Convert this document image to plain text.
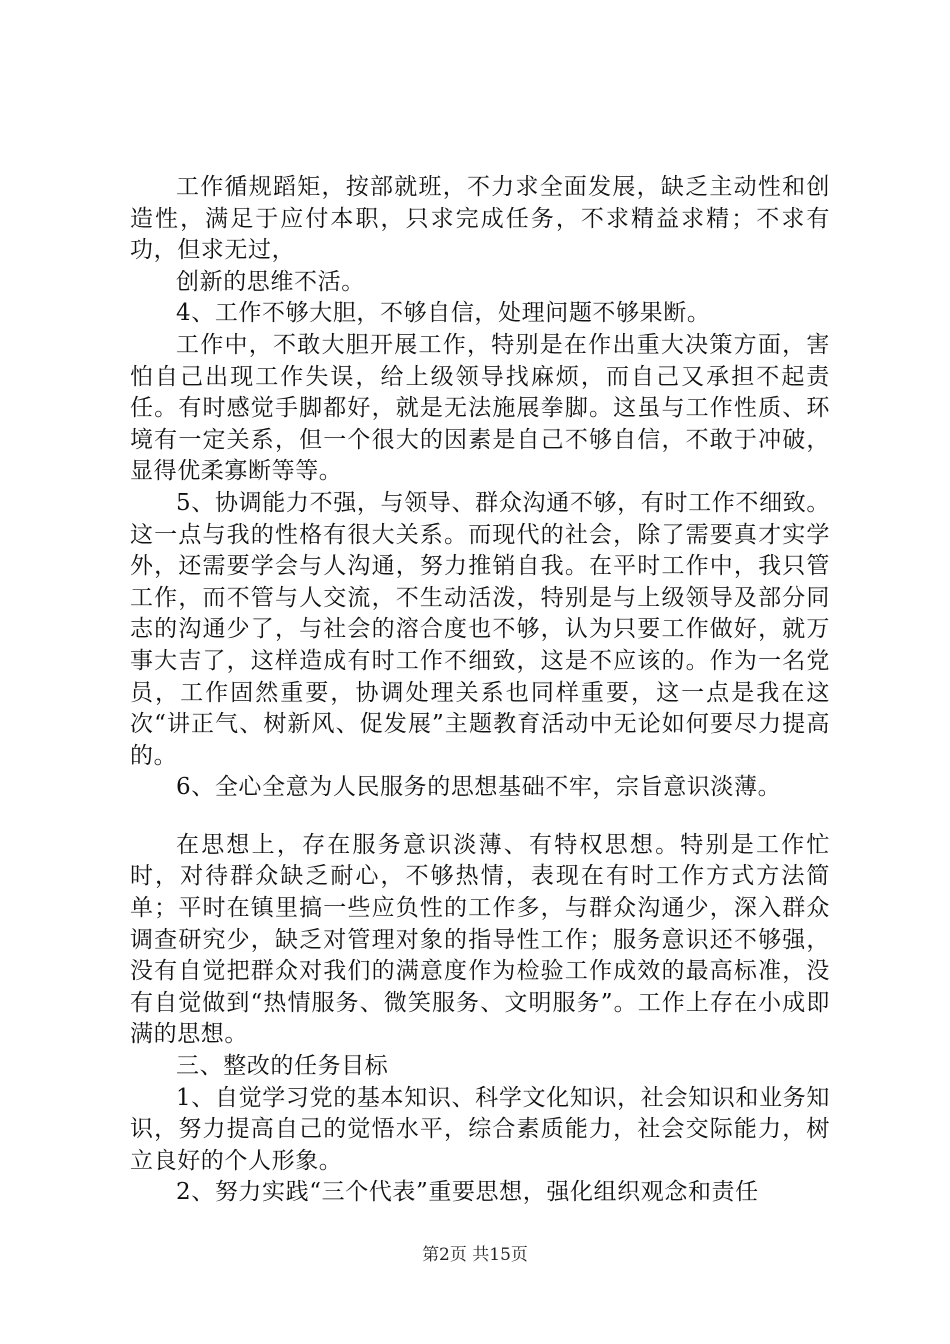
工作循规蹈矩，按部就班，不力求全面发展，缺乏主动性和创造性，满足于应付本职，只求完成任务，不求精益求精；不求有功，但求无过，

创新的思维不活。

4、工作不够大胆，不够自信，处理问题不够果断。

工作中，不敢大胆开展工作，特别是在作出重大决策方面，害怕自己出现工作失误，给上级领导找麻烦，而自己又承担不起责任。有时感觉手脚都好，就是无法施展拳脚。这虽与工作性质、环境有一定关系，但一个很大的因素是自己不够自信，不敢于冲破，显得优柔寡断等等。

5、协调能力不强，与领导、群众沟通不够，有时工作不细致。这一点与我的性格有很大关系。而现代的社会，除了需要真才实学外，还需要学会与人沟通，努力推销自我。在平时工作中，我只管工作，而不管与人交流，不生动活泼，特别是与上级领导及部分同志的沟通少了，与社会的溶合度也不够，认为只要工作做好，就万事大吉了，这样造成有时工作不细致，这是不应该的。作为一名党员，工作固然重要，协调处理关系也同样重要，这一点是我在这次“讲正气、树新风、促发展”主题教育活动中无论如何要尽力提高的。

6、全心全意为人民服务的思想基础不牢，宗旨意识淡薄。

在思想上，存在服务意识淡薄、有特权思想。特别是工作忙时，对待群众缺乏耐心，不够热情，表现在有时工作方式方法简单；平时在镇里搞一些应负性的工作多，与群众沟通少，深入群众调查研究少，缺乏对管理对象的指导性工作；服务意识还不够强，没有自觉把群众对我们的满意度作为检验工作成效的最高标准，没有自觉做到“热情服务、微笑服务、文明服务”。工作上存在小成即满的思想。

三、整改的任务目标

1、自觉学习党的基本知识、科学文化知识，社会知识和业务知识，努力提高自己的觉悟水平，综合素质能力，社会交际能力，树立良好的个人形象。

2、努力实践“三个代表”重要思想，强化组织观念和责任

第2页 共15页
